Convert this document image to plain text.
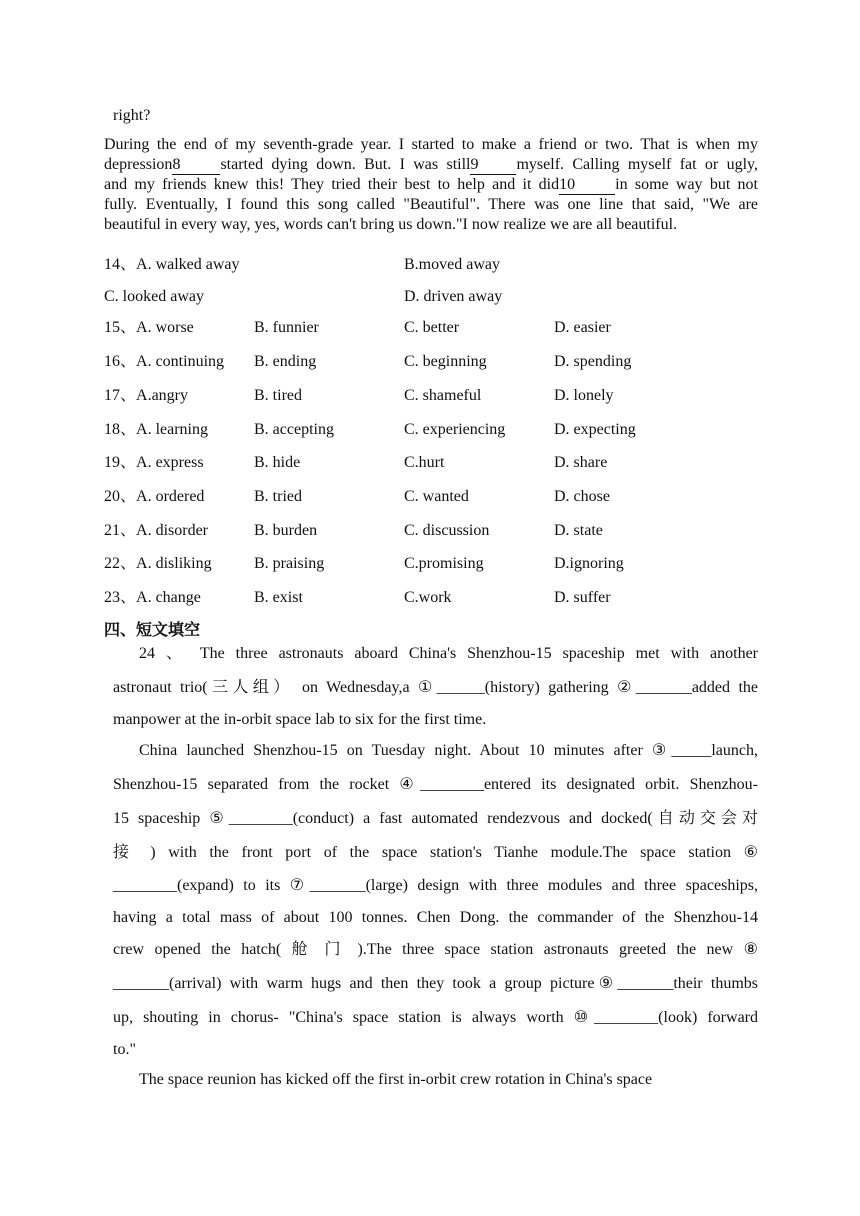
right?
During the end of my seventh-grade year. I started to make a friend or two. That is when my
depression8	started dying down. But. I was still9 myself. Calling myself fat or ugly,
and my friends knew this! They tried their best to help and it did10	in some way but not
fully. Eventually, I found this song called "Beautiful". There was one line that said, "We are
beautiful in every way, yes, words can't bring us down."I now realize we are all beautiful.
14、A. walked away	B.moved away
C. looked away	D. driven away
15、A. worse	B. funnier	C. better	D. easier
16、A. continuing B. ending	C. beginning	D. spending
17、A.angry	B. tired	C. shameful	D. lonely
18、A. learning	B. accepting	C. experiencing	D. expecting
19、A. express	B. hide	C.hurt	D. share
20、A. ordered	B. tried	C. wanted	D. chose
21、A. disorder	B. burden	C. discussion	D. state
22、A. disliking	B. praising	C.promising	D.ignoring
23、A. change	B. exist	C.work	D. suffer
四、短文填空
24 、 The three astronauts aboard China's Shenzhou-15 spaceship met with another
astronaut trio(三人组） on Wednesday,a ①______(history) gathering ②_______added the
manpower at the in-orbit space lab to six for the first time.
China launched Shenzhou-15 on Tuesday night. About 10 minutes after ③_____launch,
Shenzhou-15 separated from the rocket ④________entered its designated orbit. Shenzhou-
15 spaceship ⑤________(conduct) a fast automated rendezvous and docked(自动交会对
接 ) with the front port of the space station's Tianhe module.The space station ⑥
________(expand) to its ⑦_______(large) design with three modules and three spaceships,
having a total mass of about 100 tonnes. Chen Dong. the commander of the Shenzhou-14
crew opened the hatch( 舱 门 ).The three space station astronauts greeted the new ⑧
_______(arrival) with warm hugs and then they took a group picture⑨_______their thumbs
up, shouting in chorus- "China's space station is always worth ⑩________(look) forward
to."
The space reunion has kicked off the first in-orbit crew rotation in China's space
